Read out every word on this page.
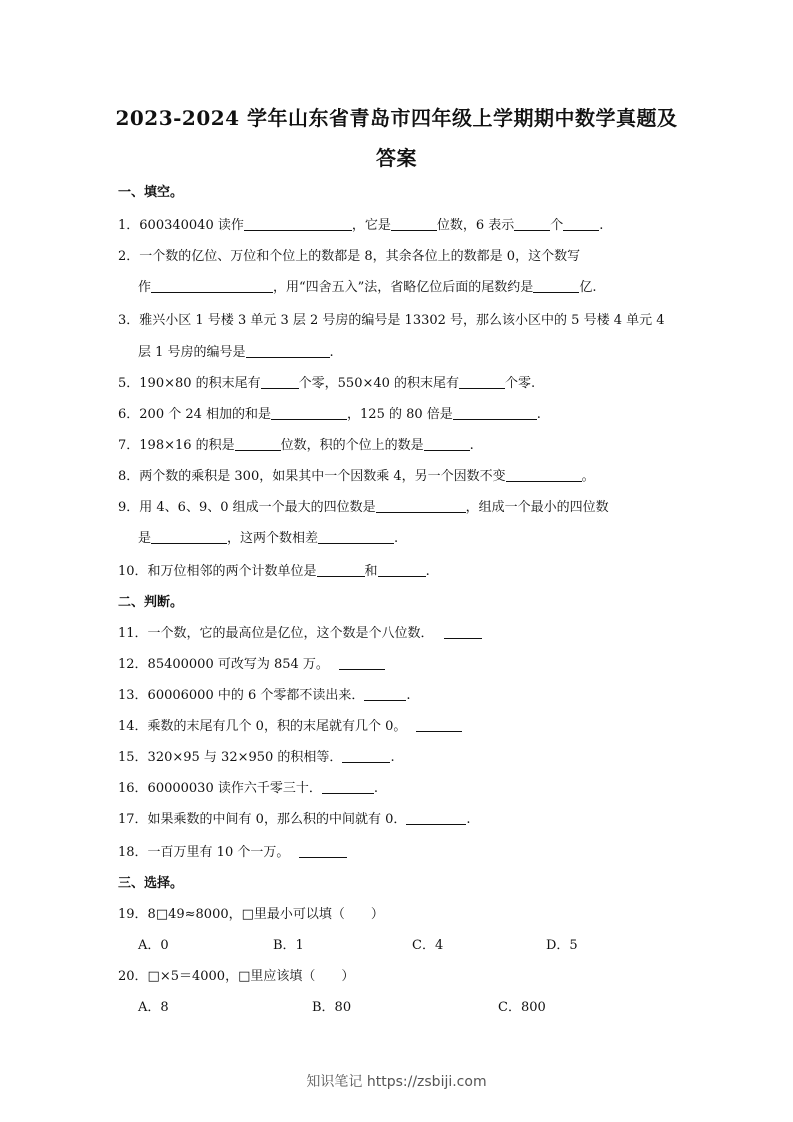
2023-2024 学年山东省青岛市四年级上学期期中数学真题及
答案
一、填空。
1．600340040 读作	，它是	位数，6 表示	个	.
2．一个数的亿位、万位和个位上的数都是 8，其余各位上的数都是 0，这个数写
作	，用“四舍五入”法，省略亿位后面的尾数约是	亿.
3．雅兴小区 1 号楼 3 单元 3 层 2 号房的编号是 13302 号，那么该小区中的 5 号楼 4 单元 4
层 1 号房的编号是	.
5．190×80 的积末尾有	个零，550×40 的积末尾有	个零.
6．200 个 24 相加的和是	，125 的 80 倍是	.
7．198×16 的积是	位数，积的个位上的数是	.
8．两个数的乘积是 300，如果其中一个因数乘 4，另一个因数不变	。
9．用 4、6、9、0 组成一个最大的四位数是	，组成一个最小的四位数
是	，这两个数相差	.
10．和万位相邻的两个计数单位是	和	.
二、判断。
11．一个数，它的最高位是亿位，这个数是个八位数．
12．85400000 可改写为 854 万。
13．60006000 中的 6 个零都不读出来．	.
14．乘数的末尾有几个 0，积的末尾就有几个 0。
15．320×95 与 32×950 的积相等．	.
16．60000030 读作六千零三十．	.
17．如果乘数的中间有 0，那么积的中间就有 0．	.
18．一百万里有 10 个一万。
三、选择。
19．8□49≈8000，□里最小可以填（　　）
A．0	B．1	C．4	D．5
20．□×5＝4000，□里应该填（　　）
A．8	B．80	C．800
知识笔记 https://zsbiji.com
